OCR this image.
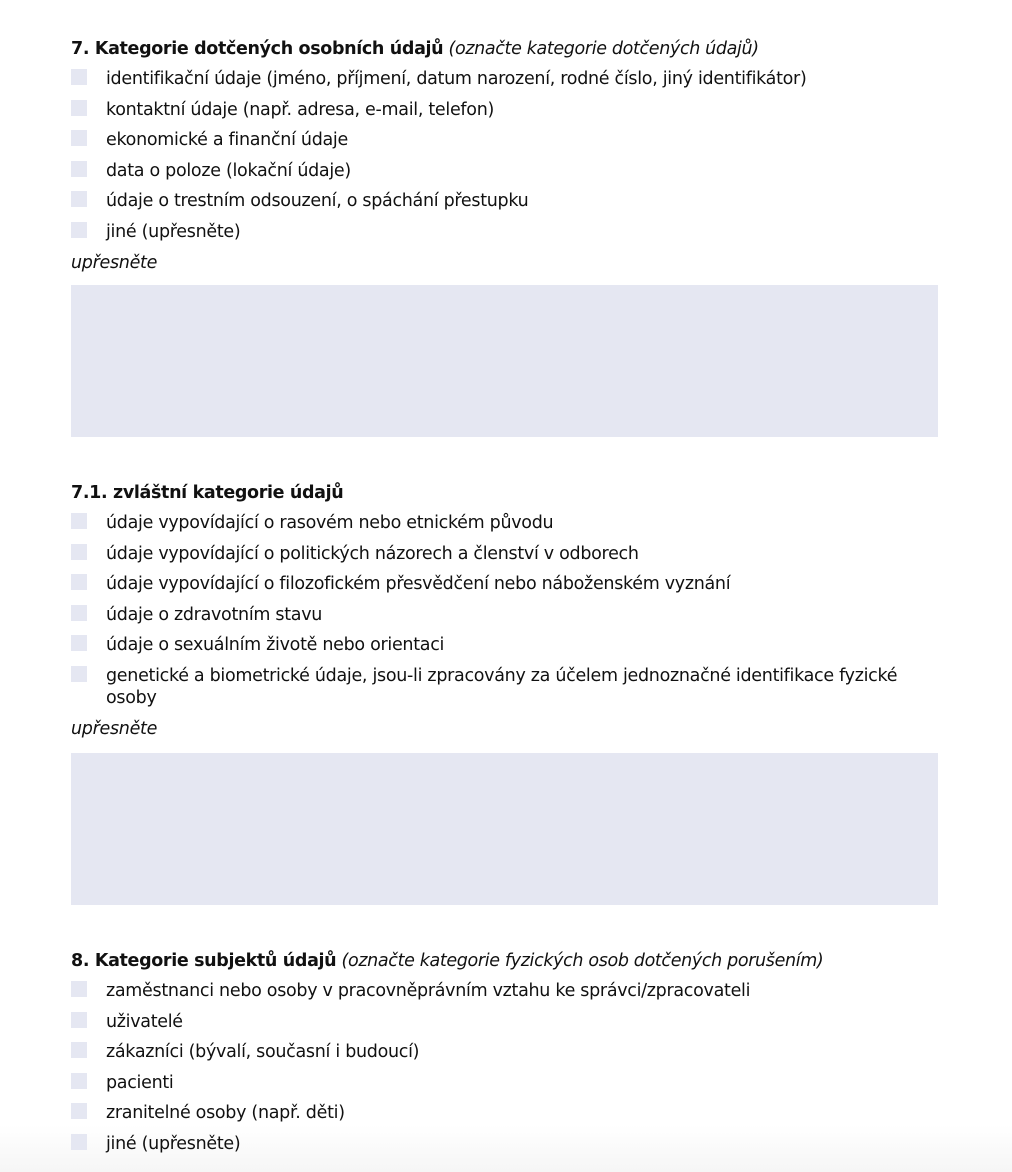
7. Kategorie dotčených osobních údajů (označte kategorie dotčených údajů)
identifikační údaje (jméno, příjmení, datum narození, rodné číslo, jiný identifikátor)
kontaktní údaje (např. adresa, e-mail, telefon)
ekonomické a finanční údaje
data o poloze (lokační údaje)
údaje o trestním odsouzení, o spáchání přestupku
jiné (upřesněte)
upřesněte
7.1. zvláštní kategorie údajů
údaje vypovídající o rasovém nebo etnickém původu
údaje vypovídající o politických názorech a členství v odborech
údaje vypovídající o filozofickém přesvědčení nebo náboženském vyznání
údaje o zdravotním stavu
údaje o sexuálním životě nebo orientaci
genetické a biometrické údaje, jsou-li zpracovány za účelem jednoznačné identifikace fyzické osoby
upřesněte
8. Kategorie subjektů údajů (označte kategorie fyzických osob dotčených porušením)
zaměstnanci nebo osoby v pracovněprávním vztahu ke správci/zpracovateli
uživatelé
zákazníci (bývalí, současní i budoucí)
pacienti
zranitelné osoby (např. děti)
jiné (upřesněte)
